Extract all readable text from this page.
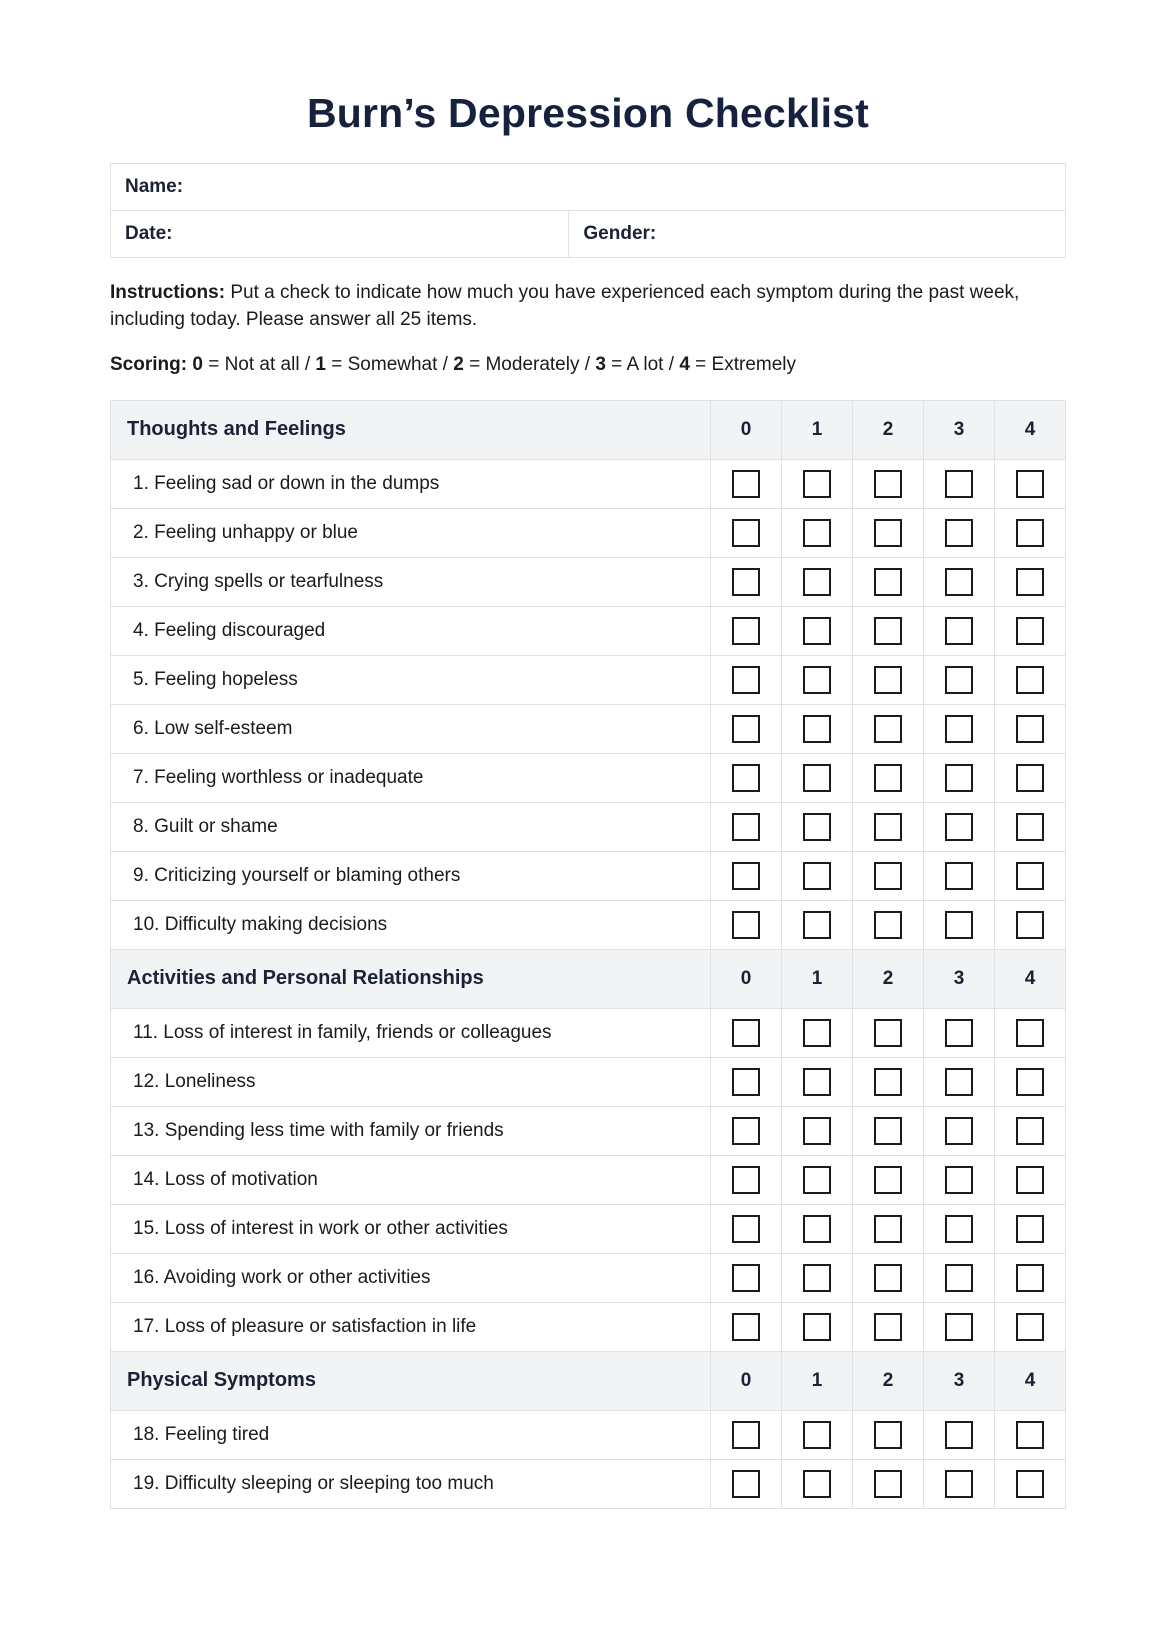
Burn’s Depression Checklist
Name:
Date:	Gender:

Instructions: Put a check to indicate how much you have experienced each symptom during the past week, including today. Please answer all 25 items.

Scoring: 0 = Not at all / 1 = Somewhat / 2 = Moderately / 3 = A lot / 4 = Extremely

Thoughts and Feelings	0	1	2	3	4
1. Feeling sad or down in the dumps					
2. Feeling unhappy or blue					
3. Crying spells or tearfulness					
4. Feeling discouraged					
5. Feeling hopeless					
6. Low self-esteem					
7. Feeling worthless or inadequate					
8. Guilt or shame					
9. Criticizing yourself or blaming others					
10. Difficulty making decisions					
Activities and Personal Relationships	0	1	2	3	4
11. Loss of interest in family, friends or colleagues					
12. Loneliness					
13. Spending less time with family or friends					
14. Loss of motivation					
15. Loss of interest in work or other activities					
16. Avoiding work or other activities					
17. Loss of pleasure or satisfaction in life					
Physical Symptoms	0	1	2	3	4
18. Feeling tired					
19. Difficulty sleeping or sleeping too much					
